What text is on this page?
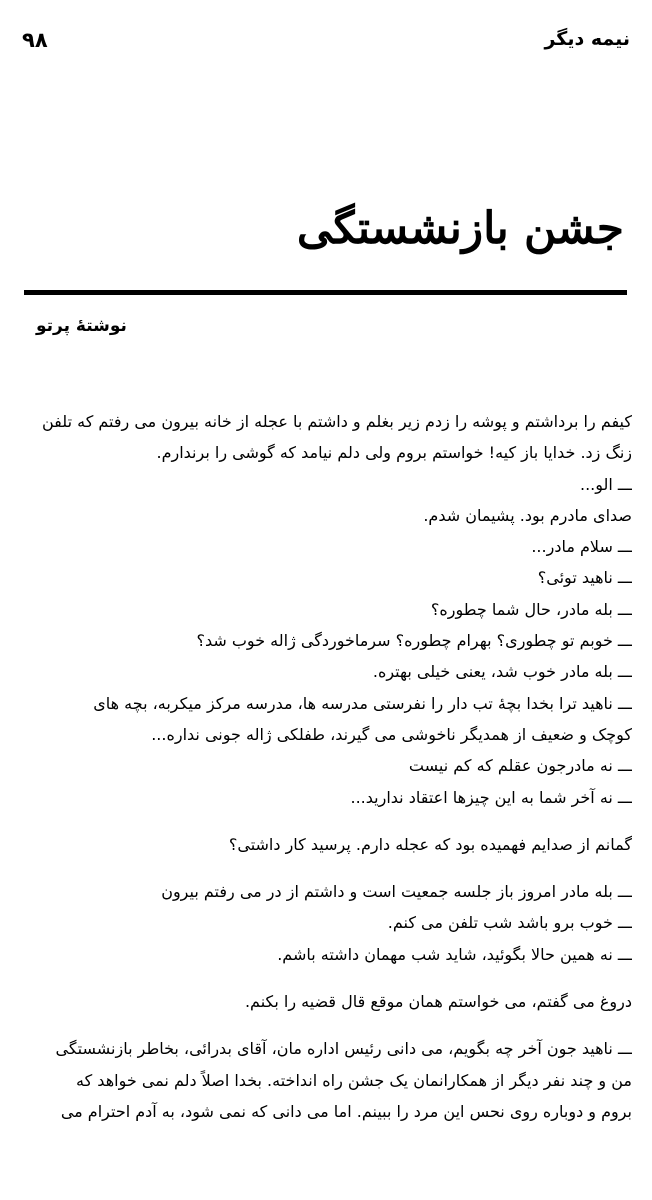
۹۸	نیمه دیگر
جشن بازنشستگی
نوشتهٔ پرتو
کیفم را برداشتم و پوشه را زدم زیر بغلم و داشتم با عجله از خانه بیرون می رفتم که تلفن
زنگ زد. خدایا باز کیه! خواستم بروم ولی دلم نیامد که گوشی را برندارم.
ـــ الو...
صدای مادرم بود. پشیمان شدم.
ـــ سلام مادر...
ـــ ناهید توئی؟
ـــ بله مادر، حال شما چطوره؟
ـــ خوبم تو چطوری؟ بهرام چطوره؟ سرماخوردگی ژاله خوب شد؟
ـــ بله مادر خوب شد، یعنی خیلی بهتره.
ـــ ناهید ترا بخدا بچهٔ تب دار را نفرستی مدرسه ها، مدرسه مرکز میکربه، بچه های
کوچک و ضعیف از همدیگر ناخوشی می گیرند، طفلکی ژاله جونی نداره...
ـــ نه مادرجون عقلم که کم نیست
ـــ نه آخر شما به این چیزها اعتقاد ندارید...
گمانم از صدایم فهمیده بود که عجله دارم. پرسید کار داشتی؟
ـــ بله مادر امروز باز جلسه جمعیت است و داشتم از در می رفتم بیرون
ـــ خوب برو باشد شب تلفن می کنم.
ـــ نه همین حالا بگوئید، شاید شب مهمان داشته باشم.
دروغ می گفتم، می خواستم همان موقع قال قضیه را بکنم.
ـــ ناهید جون آخر چه بگویم، می دانی رئیس اداره مان، آقای بدرائی، بخاطر بازنشستگی
من و چند نفر دیگر از همکارانمان یک جشن راه انداخته. بخدا اصلاً دلم نمی خواهد که
بروم و دوباره روی نحس این مرد را ببینم. اما می دانی که نمی شود، به آدم احترام می
